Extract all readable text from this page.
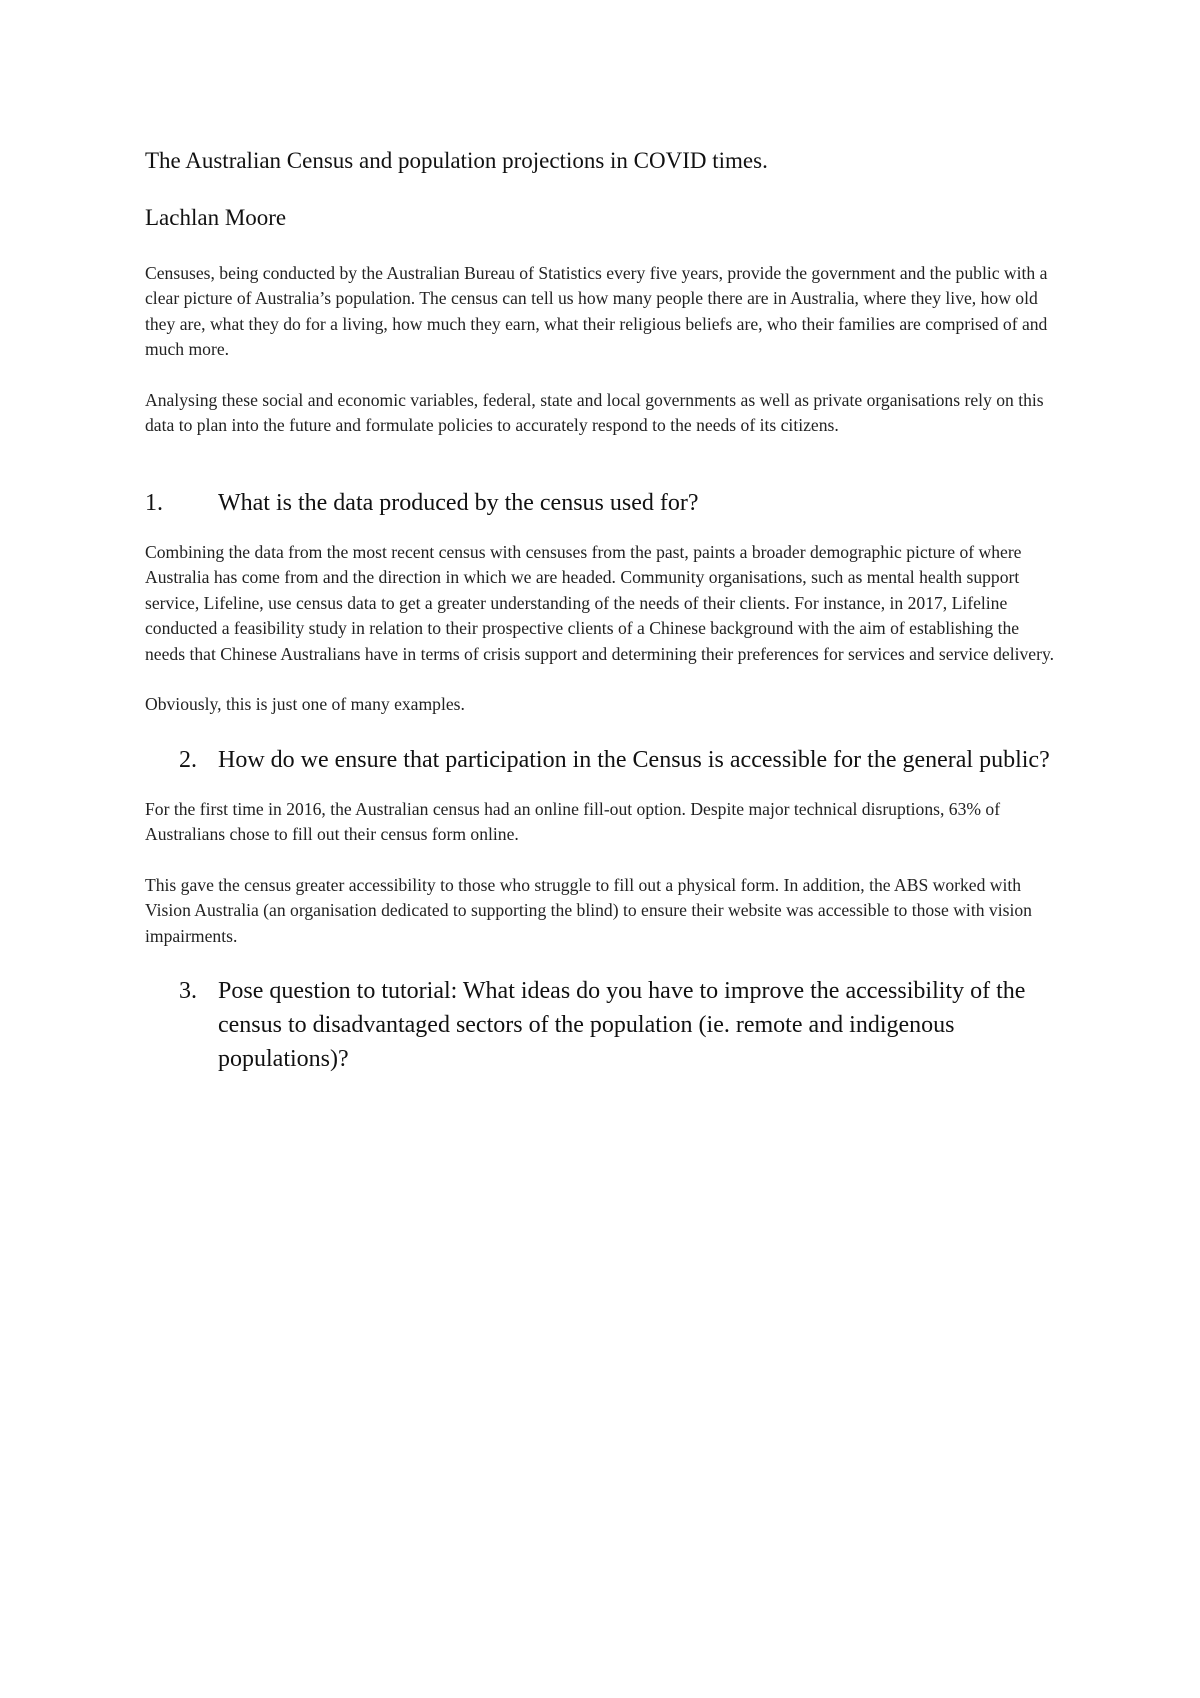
The Australian Census and population projections in COVID times.

Lachlan Moore

Censuses, being conducted by the Australian Bureau of Statistics every five years, provide the government and the public with a clear picture of Australia’s population. The census can tell us how many people there are in Australia, where they live, how old they are, what they do for a living, how much they earn, what their religious beliefs are, who their families are comprised of and much more.

Analysing these social and economic variables, federal, state and local governments as well as private organisations rely on this data to plan into the future and formulate policies to accurately respond to the needs of its citizens.

1.	What is the data produced by the census used for?

Combining the data from the most recent census with censuses from the past, paints a broader demographic picture of where Australia has come from and the direction in which we are headed. Community organisations, such as mental health support service, Lifeline, use census data to get a greater understanding of the needs of their clients. For instance, in 2017, Lifeline conducted a feasibility study in relation to their prospective clients of a Chinese background with the aim of establishing the needs that Chinese Australians have in terms of crisis support and determining their preferences for services and service delivery.

Obviously, this is just one of many examples.

2. How do we ensure that participation in the Census is accessible for the general public?

For the first time in 2016, the Australian census had an online fill-out option. Despite major technical disruptions, 63% of Australians chose to fill out their census form online.

This gave the census greater accessibility to those who struggle to fill out a physical form. In addition, the ABS worked with Vision Australia (an organisation dedicated to supporting the blind) to ensure their website was accessible to those with vision impairments.

3. Pose question to tutorial: What ideas do you have to improve the accessibility of the census to disadvantaged sectors of the population (ie. remote and indigenous populations)?
